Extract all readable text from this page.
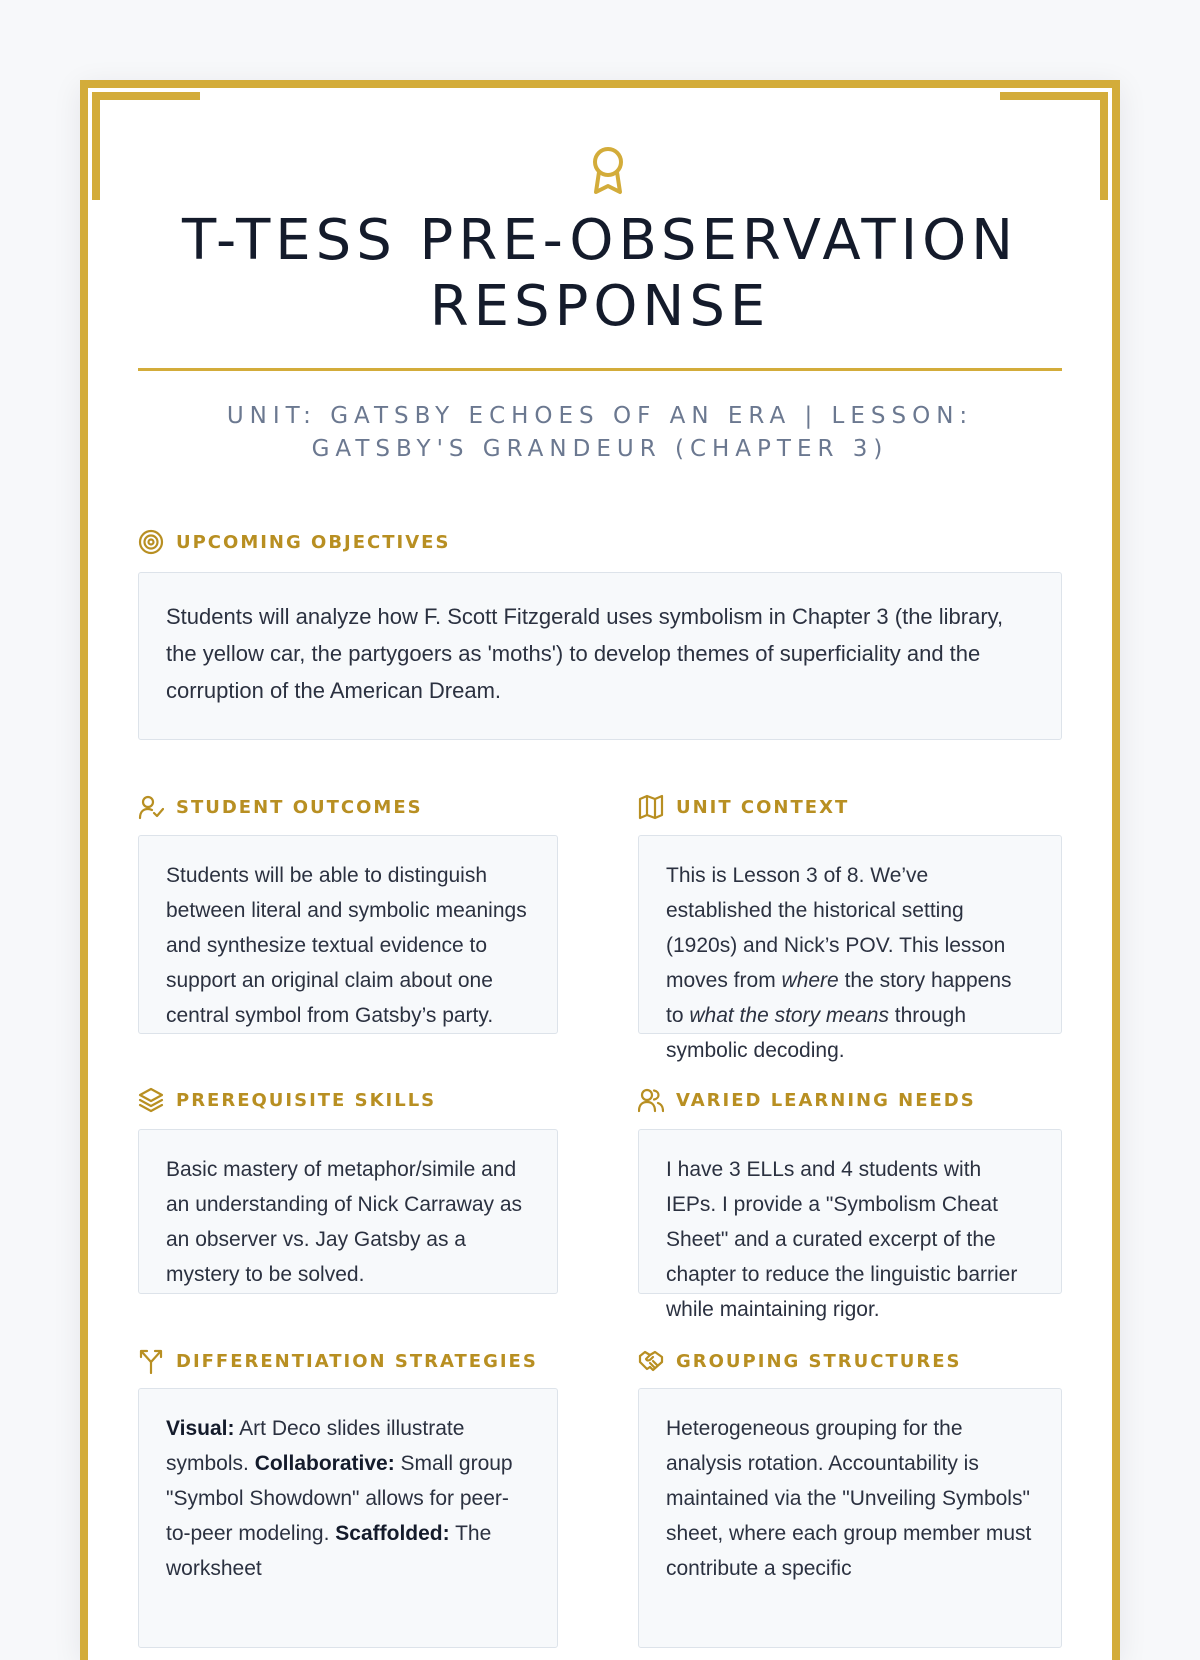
T-TESS PRE-OBSERVATION RESPONSE
UNIT: GATSBY ECHOES OF AN ERA | LESSON: GATSBY'S GRANDEUR (CHAPTER 3)
UPCOMING OBJECTIVES
Students will analyze how F. Scott Fitzgerald uses symbolism in Chapter 3 (the library, the yellow car, the partygoers as 'moths') to develop themes of superficiality and the corruption of the American Dream.
STUDENT OUTCOMES
Students will be able to distinguish between literal and symbolic meanings and synthesize textual evidence to support an original claim about one central symbol from Gatsby’s party.
UNIT CONTEXT
This is Lesson 3 of 8. We’ve established the historical setting (1920s) and Nick’s POV. This lesson moves from where the story happens to what the story means through symbolic decoding.
PREREQUISITE SKILLS
Basic mastery of metaphor/simile and an understanding of Nick Carraway as an observer vs. Jay Gatsby as a mystery to be solved.
VARIED LEARNING NEEDS
I have 3 ELLs and 4 students with IEPs. I provide a "Symbolism Cheat Sheet" and a curated excerpt of the chapter to reduce the linguistic barrier while maintaining rigor.
DIFFERENTIATION STRATEGIES
Visual: Art Deco slides illustrate symbols. Collaborative: Small group "Symbol Showdown" allows for peer-to-peer modeling. Scaffolded: The worksheet
GROUPING STRUCTURES
Heterogeneous grouping for the analysis rotation. Accountability is maintained via the "Unveiling Symbols" sheet, where each group member must contribute a specific
